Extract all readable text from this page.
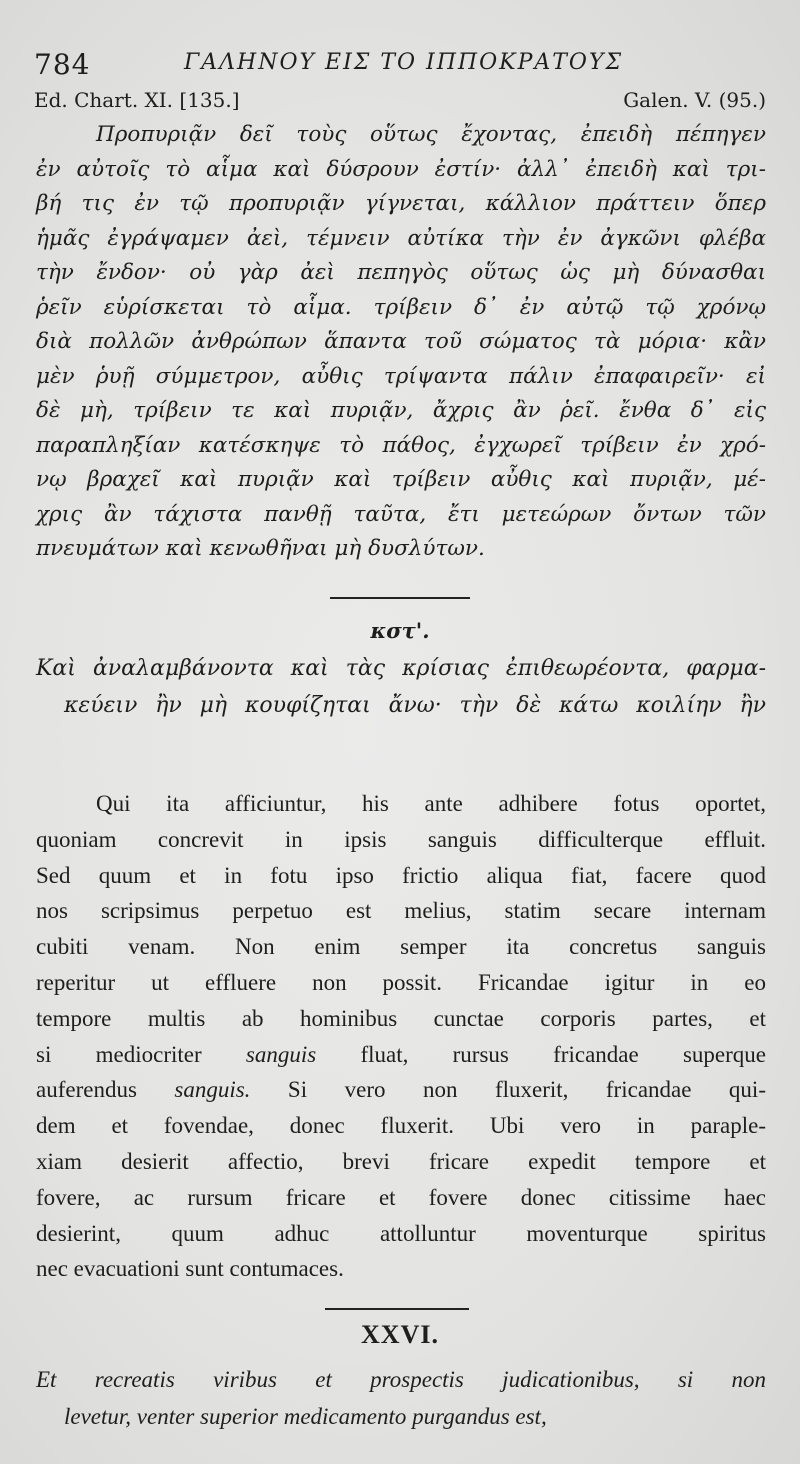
784	ΓΑΛΗΝΟΥ ΕΙΣ ΤΟ ΙΠΠΟΚΡΑΤΟΥΣ
Ed. Chart. XI. [135.]	Galen. V. (95.)
Προπυριᾷν δεῖ τοὺς οὕτως ἔχοντας, ἐπειδὴ πέπηγεν
ἐν αὐτοῖς τὸ αἷμα καὶ δύσρουν ἐστίν· ἀλλ᾽ ἐπειδὴ καὶ τρι-
βή τις ἐν τῷ προπυριᾷν γίγνεται, κάλλιον πράττειν ὅπερ
ἡμᾶς ἐγράψαμεν ἀεὶ, τέμνειν αὐτίκα τὴν ἐν ἀγκῶνι φλέβα
τὴν ἔνδον· οὐ γὰρ ἀεὶ πεπηγὸς οὕτως ὡς μὴ δύνασθαι
ῥεῖν εὑρίσκεται τὸ αἷμα. τρίβειν δ᾽ ἐν αὐτῷ τῷ χρόνῳ
διὰ πολλῶν ἀνθρώπων ἅπαντα τοῦ σώματος τὰ μόρια· κἂν
μὲν ῥυῇ σύμμετρον, αὖθις τρίψαντα πάλιν ἐπαφαιρεῖν· εἰ
δὲ μὴ, τρίβειν τε καὶ πυριᾷν, ἄχρις ἂν ῥεῖ. ἔνθα δ᾽ εἰς
παραπληξίαν κατέσκηψε τὸ πάθος, ἐγχωρεῖ τρίβειν ἐν χρό-
νῳ βραχεῖ καὶ πυριᾷν καὶ τρίβειν αὖθις καὶ πυριᾷν, μέ-
χρις ἂν τάχιστα πανθῇ ταῦτα, ἔτι μετεώρων ὄντων τῶν
πνευμάτων καὶ κενωθῆναι μὴ δυσλύτων.
κστ'.
Καὶ ἀναλαμβάνοντα καὶ τὰς κρίσιας ἐπιθεωρέοντα, φαρμα-
κεύειν ἢν μὴ κουφίζηται ἄνω· τὴν δὲ κάτω κοιλίην ἢν
Qui ita afficiuntur, his ante adhibere fotus oportet,
quoniam concrevit in ipsis sanguis difficulterque effluit.
Sed quum et in fotu ipso frictio aliqua fiat, facere quod
nos scripsimus perpetuo est melius, statim secare internam
cubiti venam. Non enim semper ita concretus sanguis
reperitur ut effluere non possit. Fricandae igitur in eo
tempore multis ab hominibus cunctae corporis partes, et
si mediocriter sanguis fluat, rursus fricandae superque
auferendus sanguis. Si vero non fluxerit, fricandae qui-
dem et fovendae, donec fluxerit. Ubi vero in paraple-
xiam desierit affectio, brevi fricare expedit tempore et
fovere, ac rursum fricare et fovere donec citissime haec
desierint, quum adhuc attolluntur moventurque spiritus
nec evacuationi sunt contumaces.
XXVI.
Et recreatis viribus et prospectis judicationibus, si non
levetur, venter superior medicamento purgandus est,
